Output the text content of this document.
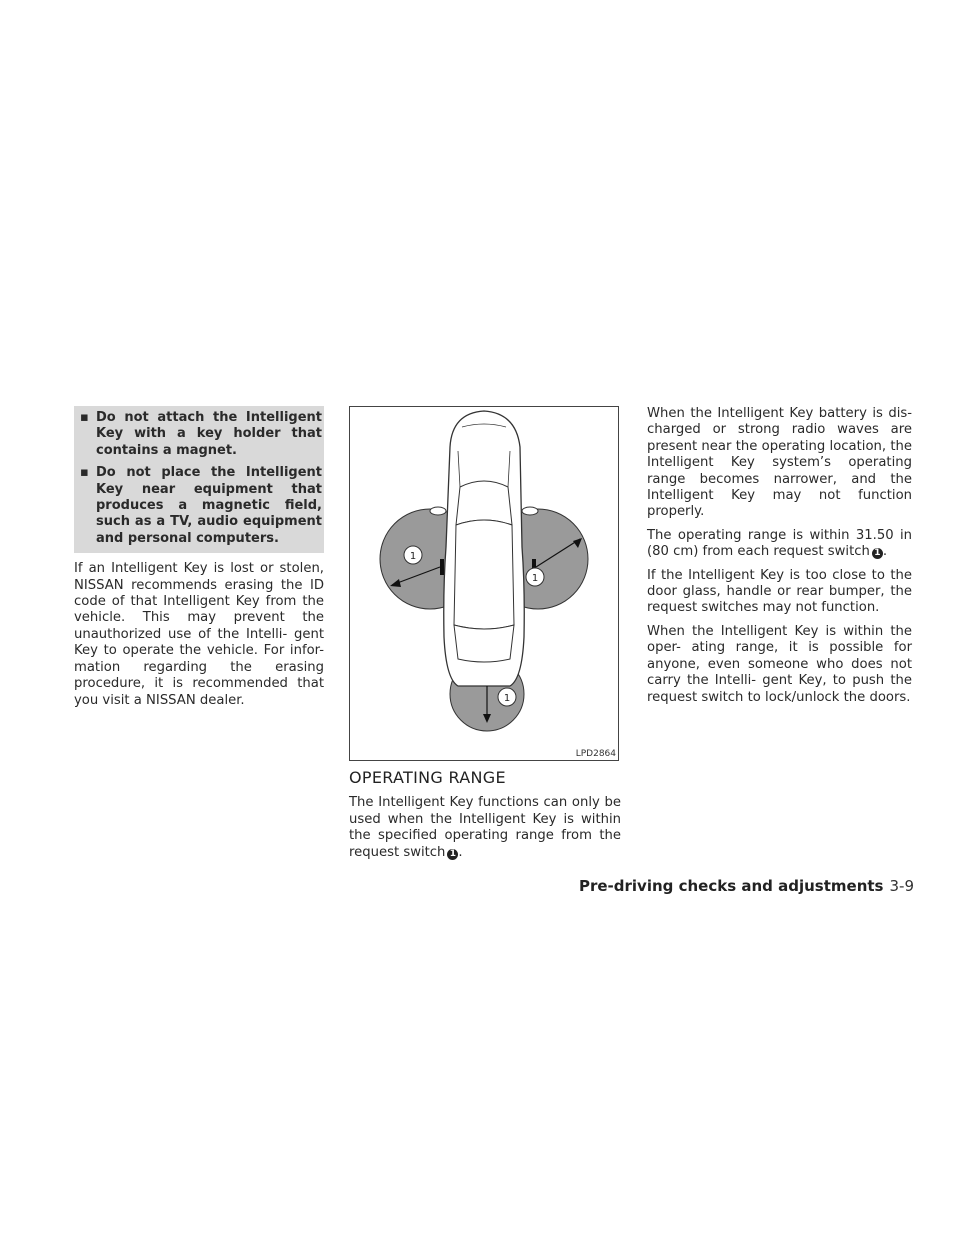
▪ Do not attach the Intelligent Key with a key holder that contains a magnet.
▪ Do not place the Intelligent Key near equipment that produces a magnetic field, such as a TV, audio equipment and personal computers.

If an Intelligent Key is lost or stolen, NISSAN recommends erasing the ID code of that Intelligent Key from the vehicle. This may prevent the unauthorized use of the Intelli- gent Key to operate the vehicle. For infor- mation regarding the erasing procedure, it is recommended that you visit a NISSAN dealer.

1
1
1
LPD2864
OPERATING RANGE

The Intelligent Key functions can only be used when the Intelligent Key is within the specified operating range from the request switch 1 .

When the Intelligent Key battery is dis- charged or strong radio waves are present near the operating location, the Intelligent Key system’s operating range becomes narrower, and the Intelligent Key may not function properly.

The operating range is within 31.50 in (80 cm) from each request switch 1 .

If the Intelligent Key is too close to the door glass, handle or rear bumper, the request switches may not function.

When the Intelligent Key is within the oper- ating range, it is possible for anyone, even someone who does not carry the Intelli- gent Key, to push the request switch to lock/unlock the doors.

Pre-driving checks and adjustments 3-9
